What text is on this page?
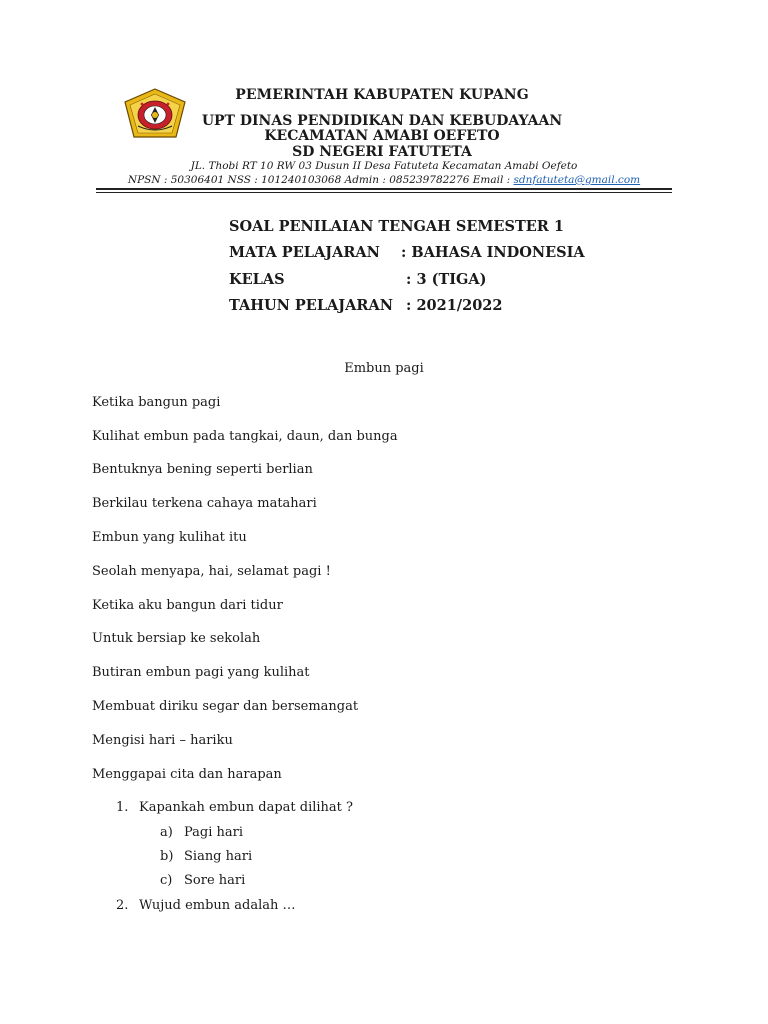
PEMERINTAH KABUPATEN KUPANG
UPT DINAS PENDIDIKAN DAN KEBUDAYAAN
KECAMATAN AMABI OEFETO
SD NEGERI FATUTETA
JL. Thobi RT 10 RW 03 Dusun II Desa Fatuteta Kecamatan Amabi Oefeto
NPSN : 50306401 NSS : 101240103068 Admin : 085239782276 Email : sdnfatuteta@gmail.com
SOAL PENILAIAN TENGAH SEMESTER 1
MATA PELAJARAN : BAHASA INDONESIA
KELAS	: 3 (TIGA)
TAHUN PELAJARAN : 2021/2022
Embun pagi
Ketika bangun pagi
Kulihat embun pada tangkai, daun, dan bunga
Bentuknya bening seperti berlian
Berkilau terkena cahaya matahari
Embun yang kulihat itu
Seolah menyapa, hai, selamat pagi !
Ketika aku bangun dari tidur
Untuk bersiap ke sekolah
Butiran embun pagi yang kulihat
Membuat diriku segar dan bersemangat
Mengisi hari – hariku
Menggapai cita dan harapan
1. Kapankah embun dapat dilihat ?
a) Pagi hari
b) Siang hari
c) Sore hari
2. Wujud embun adalah …
